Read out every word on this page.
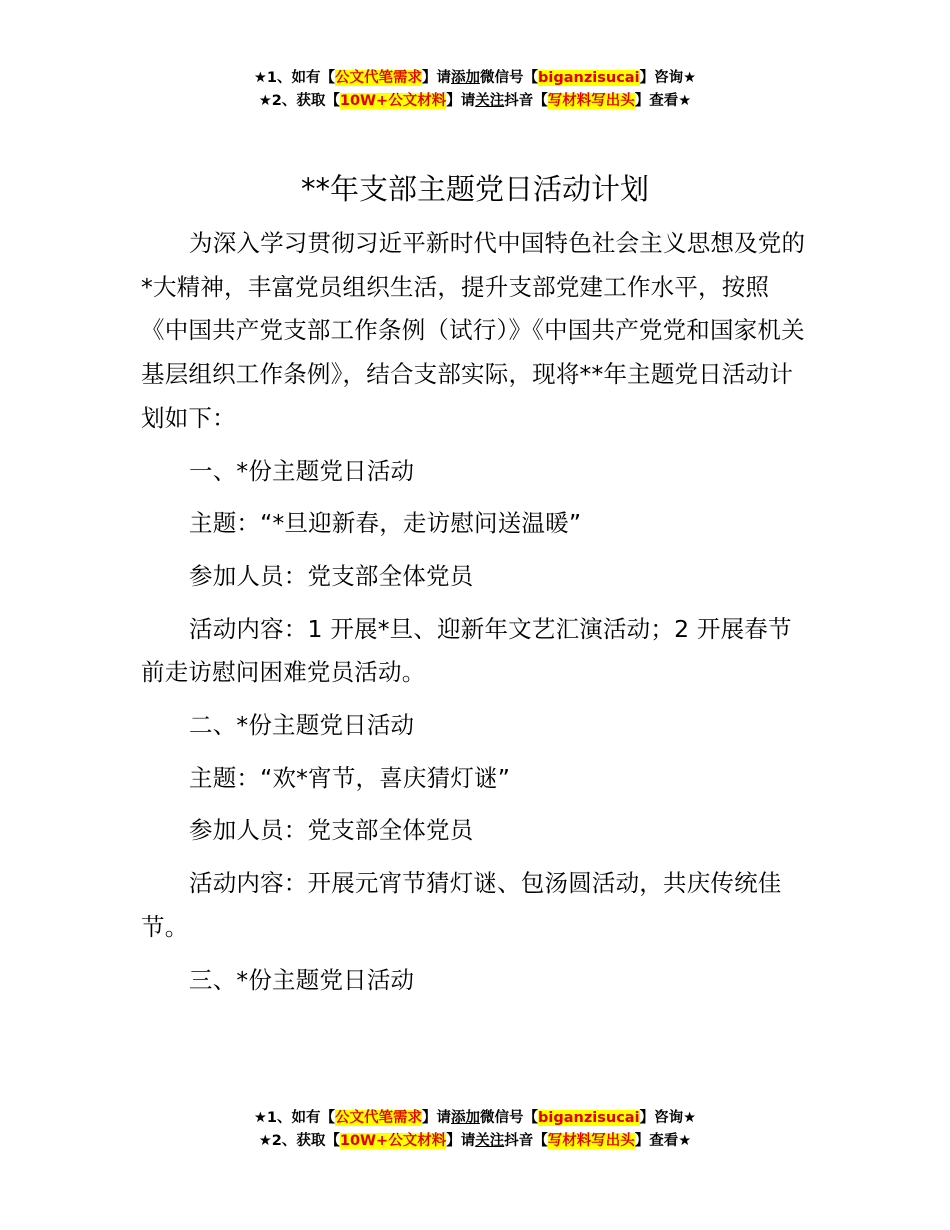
★1、如有【公文代笔需求】请添加微信号【biganzisucai】咨询★
★2、获取【10W+公文材料】请关注抖音【写材料写出头】查看★
**年支部主题党日活动计划

为深入学习贯彻习近平新时代中国特色社会主义思想及党的*大精神，丰富党员组织生活，提升支部党建工作水平，按照《中国共产党支部工作条例（试行）》《中国共产党党和国家机关基层组织工作条例》，结合支部实际，现将**年主题党日活动计划如下：

一、*份主题党日活动

主题：“*旦迎新春，走访慰问送温暖”

参加人员：党支部全体党员

活动内容：1 开展*旦、迎新年文艺汇演活动；2 开展春节前走访慰问困难党员活动。

二、*份主题党日活动

主题：“欢*宵节，喜庆猜灯谜”

参加人员：党支部全体党员

活动内容：开展元宵节猜灯谜、包汤圆活动，共庆传统佳节。

三、*份主题党日活动

★1、如有【公文代笔需求】请添加微信号【biganzisucai】咨询★
★2、获取【10W+公文材料】请关注抖音【写材料写出头】查看★
